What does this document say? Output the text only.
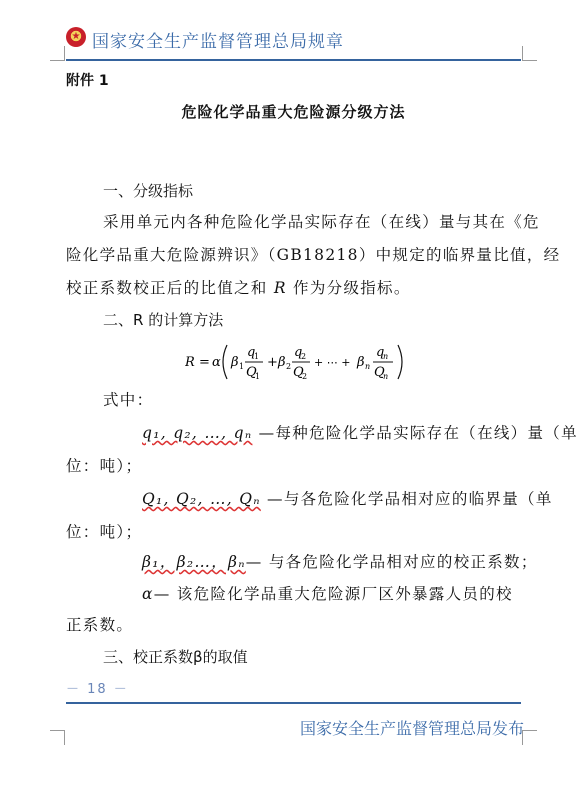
★ 国家安全生产监督管理总局规章
附件 1
危险化学品重大危险源分级方法
一、分级指标
采用单元内各种危险化学品实际存在（在线）量与其在《危
险化学品重大危险源辨识》（GB18218）中规定的临界量比值，经
校正系数校正后的比值之和 R 作为分级指标。
二、R 的计算方法
R = α β 1
q
1
Q
1
+ β 2
q
2
Q
2
+ ⋯ + β n
q
n
Q
n
式中：
q₁, q₂, …, qₙ —每种危险化学品实际存在（在线）量（单
位：吨）；
Q₁, Q₂, …, Qₙ —与各危险化学品相对应的临界量（单
位：吨）；
β₁，β₂…，βₙ— 与各危险化学品相对应的校正系数；
α— 该危险化学品重大危险源厂区外暴露人员的校
正系数。
三、校正系数β的取值
－ 18 －
国家安全生产监督管理总局发布
